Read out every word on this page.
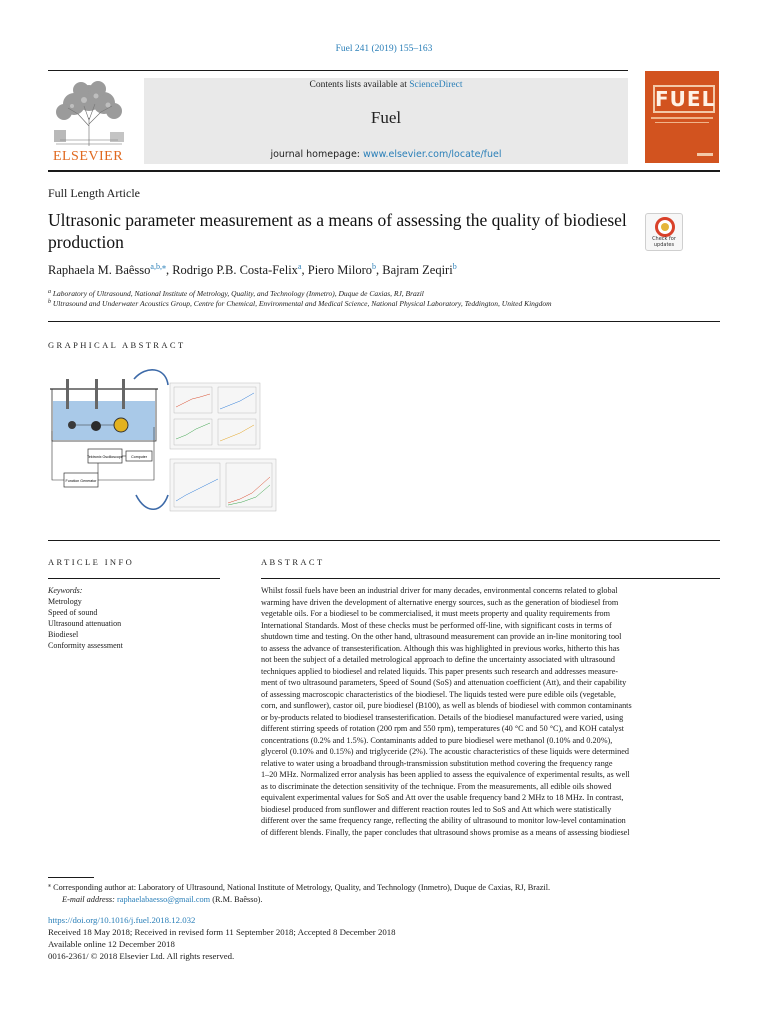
Fuel 241 (2019) 155–163
ELSEVIER
Contents lists available at ScienceDirect
Fuel
journal homepage: www.elsevier.com/locate/fuel
FUEL
Full Length Article
Ultrasonic parameter measurement as a means of assessing the quality of biodiesel production	Check for updates
Raphaela M. Baêsso$^{a,b,⁎}$, Rodrigo P.B. Costa-Felix$^a$, Piero Miloro$^b$, Bajram Zeqiri$^b$
$^a$ Laboratory of Ultrasound, National Institute of Metrology, Quality, and Technology (Inmetro), Duque de Caxias, RJ, Brazil
$^b$ Ultrasound and Underwater Acoustics Group, Centre for Chemical, Environmental and Medical Science, National Physical Laboratory, Teddington, United Kingdom
GRAPHICAL ABSTRACT
Tektronix Oscilloscope Computer
Function Generator
ARTICLE INFO
Keywords:
Metrology
Speed of sound
Ultrasound attenuation
Biodiesel
Conformity assessment
ABSTRACT
Whilst fossil fuels have been an industrial driver for many decades, environmental concerns related to global
warming have driven the development of alternative energy sources, such as the generation of biodiesel from
vegetable oils. For a biodiesel to be commercialised, it must meets property and quality requirements from
International Standards. Most of these checks must be performed off-line, with significant costs in terms of
shutdown time and testing. On the other hand, ultrasound measurement can provide an in-line monitoring tool
to assess the advance of transesterification. Although this was highlighted in previous works, hitherto this has
not been the subject of a detailed metrological approach to define the uncertainty associated with ultrasound
techniques applied to biodiesel and related liquids. This paper presents such research and addresses measure-
ment of two ultrasound parameters, Speed of Sound (SoS) and attenuation coefficient (Att), and their capability
of assessing macroscopic characteristics of the biodiesel. The liquids tested were pure edible oils (vegetable,
corn, and sunflower), castor oil, pure biodiesel (B100), as well as blends of biodiesel with common contaminants
or by-products related to biodiesel transesterification. Details of the biodiesel manufactured were varied, using
different stirring speeds of rotation (200 rpm and 550 rpm), temperatures (40 °C and 50 °C), and KOH catalyst
concentrations (0.2% and 1.5%). Contaminants added to pure biodiesel were methanol (0.10% and 0.20%),
glycerol (0.10% and 0.15%) and triglyceride (2%). The acoustic characteristics of these liquids were determined
relative to water using a broadband through-transmission substitution method covering the frequency range
1–20 MHz. Normalized error analysis has been applied to assess the equivalence of experimental results, as well
as to discriminate the detection sensitivity of the technique. From the measurements, all edible oils showed
equivalent experimental values for SoS and Att over the usable frequency band 2 MHz to 18 MHz. In contrast,
biodiesel produced from sunflower and different reaction routes led to SoS and Att which were statistically
different over the same frequency range, reflecting the ability of ultrasound to monitor low-level contamination
of different blends. Finally, the paper concludes that ultrasound shows promise as a means of assessing biodiesel
⁎ Corresponding author at: Laboratory of Ultrasound, National Institute of Metrology, Quality, and Technology (Inmetro), Duque de Caxias, RJ, Brazil.
E-mail address: raphaelabaesso@gmail.com (R.M. Baêsso).
https://doi.org/10.1016/j.fuel.2018.12.032
Received 18 May 2018; Received in revised form 11 September 2018; Accepted 8 December 2018
Available online 12 December 2018
0016-2361/ © 2018 Elsevier Ltd. All rights reserved.
